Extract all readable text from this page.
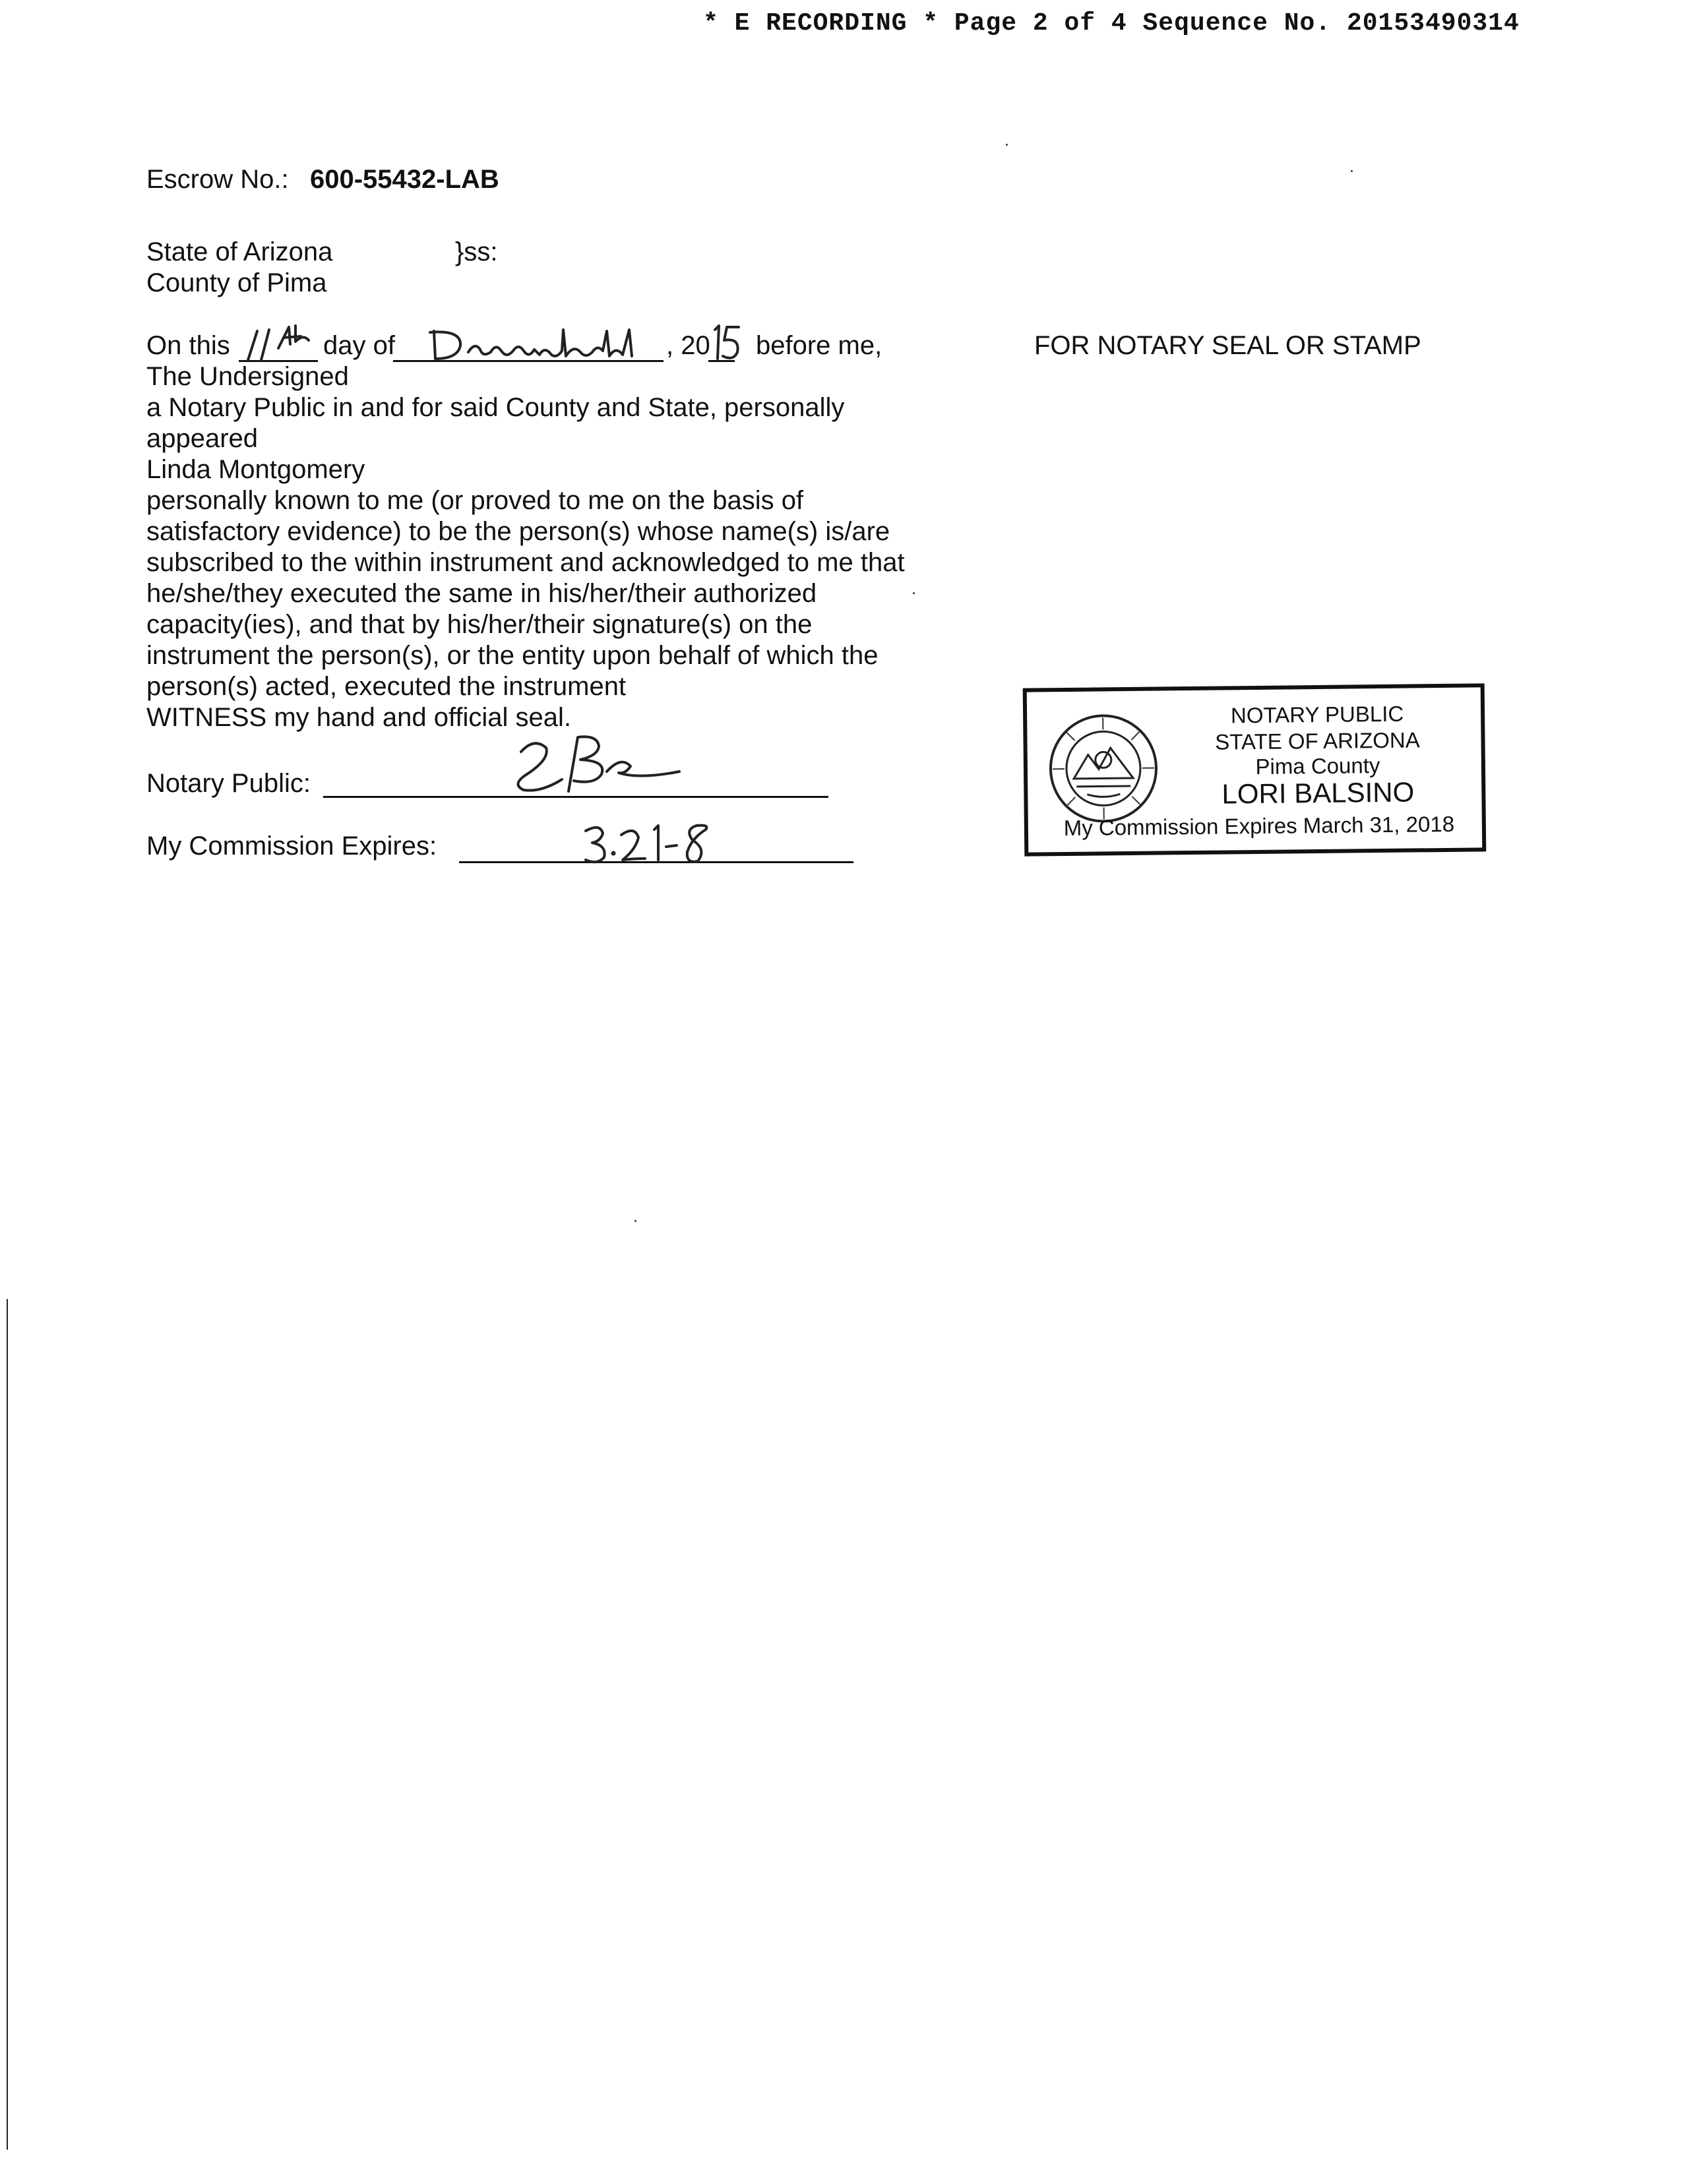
* E RECORDING * Page 2 of 4 Sequence No. 20153490314
Escrow No.: 600-55432-LAB
State of Arizona	}ss:
County of Pima
On this	day of	, 20 before me,
The Undersigned
a Notary Public in and for said County and State, personally
appeared
Linda Montgomery
personally known to me (or proved to me on the basis of
satisfactory evidence) to be the person(s) whose name(s) is/are
subscribed to the within instrument and acknowledged to me that
he/she/they executed the same in his/her/their authorized
capacity(ies), and that by his/her/their signature(s) on the
instrument the person(s), or the entity upon behalf of which the
person(s) acted, executed the instrument
WITNESS my hand and official seal.
Notary Public:
My Commission Expires:
FOR NOTARY SEAL OR STAMP
NOTARY PUBLIC
STATE OF ARIZONA
Pima County
LORI BALSINO
My Commission Expires March 31, 2018
